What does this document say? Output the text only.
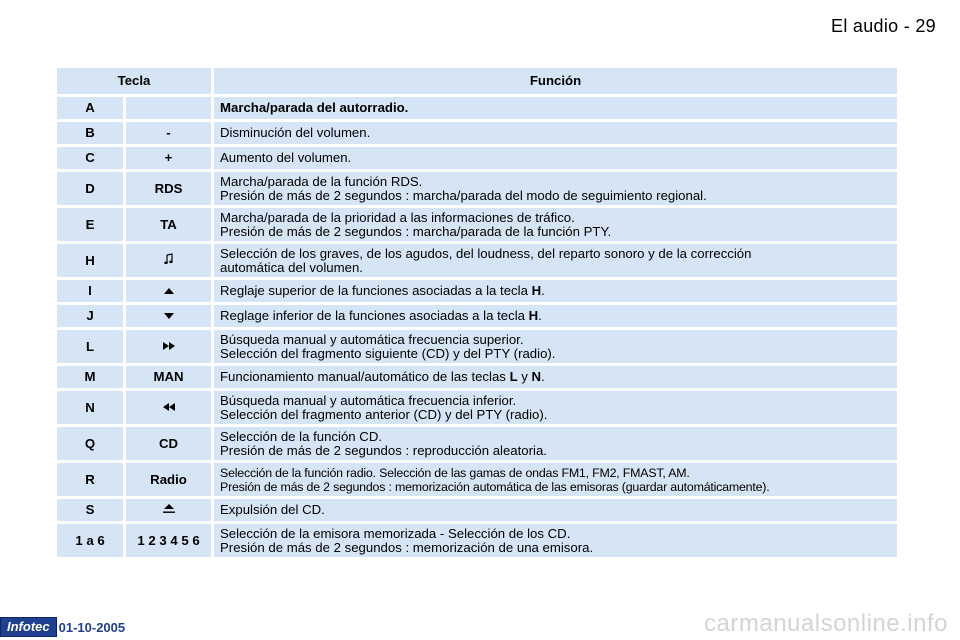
El audio - 29
Tecla		Función
A		Marcha/parada del autorradio.

B	-	Disminución del volumen.

C	+	Aumento del volumen.

D	RDS	Marcha/parada de la función RDS.
Presión de más de 2 segundos : marcha/parada del modo de seguimiento regional.

E	TA	Marcha/parada de la prioridad a las informaciones de tráfico.
Presión de más de 2 segundos : marcha/parada de la función PTY.

H		Selección de los graves, de los agudos, del loudness, del reparto sonoro y de la corrección
automática del volumen.

I		Reglaje superior de la funciones asociadas a la tecla H.

J		Reglage inferior de la funciones asociadas a la tecla H.

L		Búsqueda manual y automática frecuencia superior.
Selección del fragmento siguiente (CD) y del PTY (radio).

M	MAN	Funcionamiento manual/automático de las teclas L y N.

N		Búsqueda manual y automática frecuencia inferior.
Selección del fragmento anterior (CD) y del PTY (radio).

Q	CD	Selección de la función CD.
Presión de más de 2 segundos : reproducción aleatoria.

R	Radio	Selección de la función radio. Selección de las gamas de ondas FM1, FM2, FMAST, AM.
Presión de más de 2 segundos : memorización automática de las emisoras (guardar automáticamente).

S		Expulsión del CD.

1 a 6	1 2 3 4 5 6	Selección de la emisora memorizada - Selección de los CD.
Presión de más de 2 segundos : memorización de una emisora.
Infotec 01-10-2005	carmanualsonline.info
